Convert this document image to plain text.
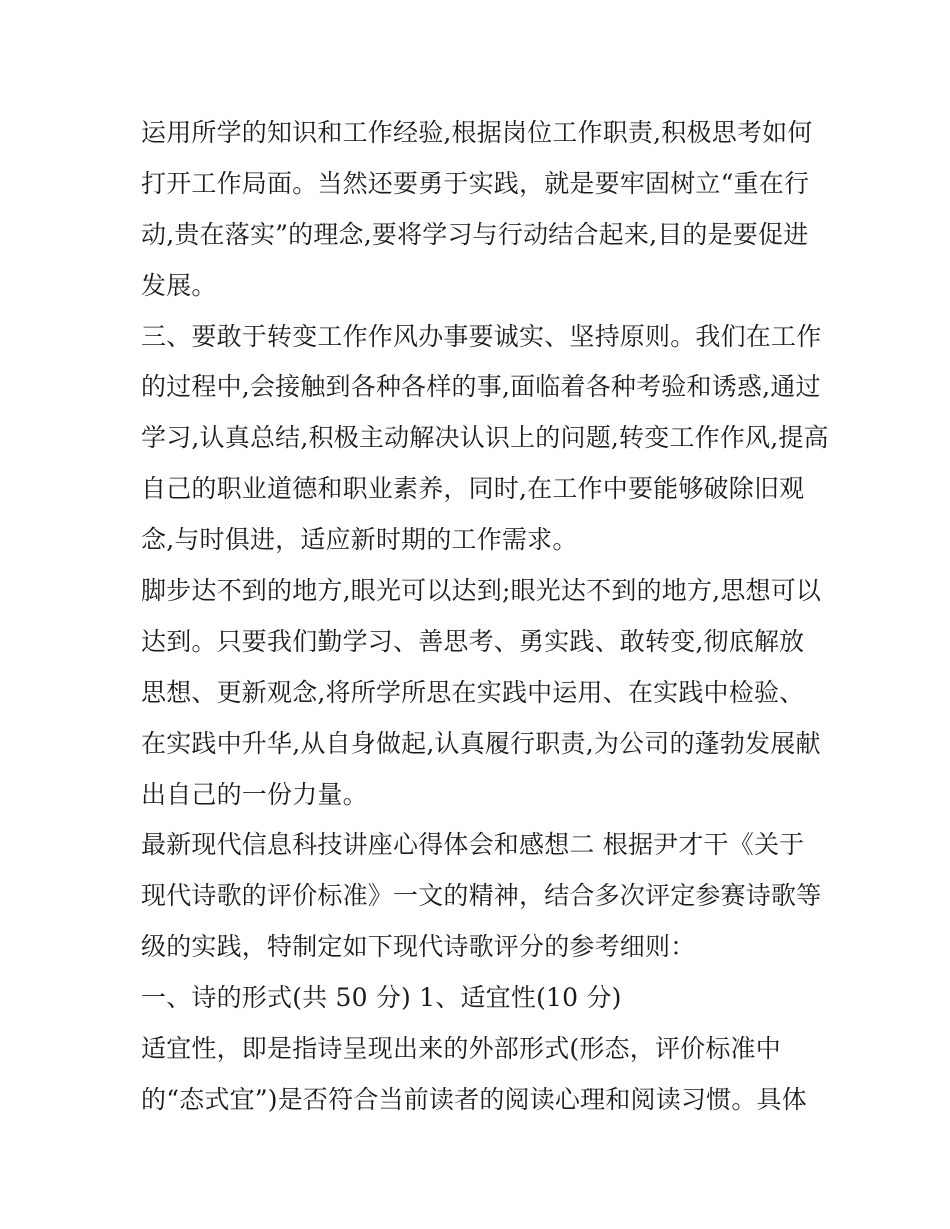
运用所学的知识和工作经验,根据岗位工作职责,积极思考如何
打开工作局面。当然还要勇于实践，就是要牢固树立“重在行
动,贵在落实”的理念,要将学习与行动结合起来,目的是要促进
发展。
三、要敢于转变工作作风办事要诚实、坚持原则。我们在工作
的过程中,会接触到各种各样的事,面临着各种考验和诱惑,通过
学习,认真总结,积极主动解决认识上的问题,转变工作作风,提高
自己的职业道德和职业素养，同时,在工作中要能够破除旧观
念,与时俱进，适应新时期的工作需求。
脚步达不到的地方,眼光可以达到;眼光达不到的地方,思想可以
达到。只要我们勤学习、善思考、勇实践、敢转变,彻底解放
思想、更新观念,将所学所思在实践中运用、在实践中检验、
在实践中升华,从自身做起,认真履行职责,为公司的蓬勃发展献
出自己的一份力量。
最新现代信息科技讲座心得体会和感想二 根据尹才干《关于
现代诗歌的评价标准》一文的精神，结合多次评定参赛诗歌等
级的实践，特制定如下现代诗歌评分的参考细则：
一、诗的形式(共 50 分) 1、适宜性(10 分)
适宜性，即是指诗呈现出来的外部形式(形态，评价标准中
的“态式宜”)是否符合当前读者的阅读心理和阅读习惯。具体
